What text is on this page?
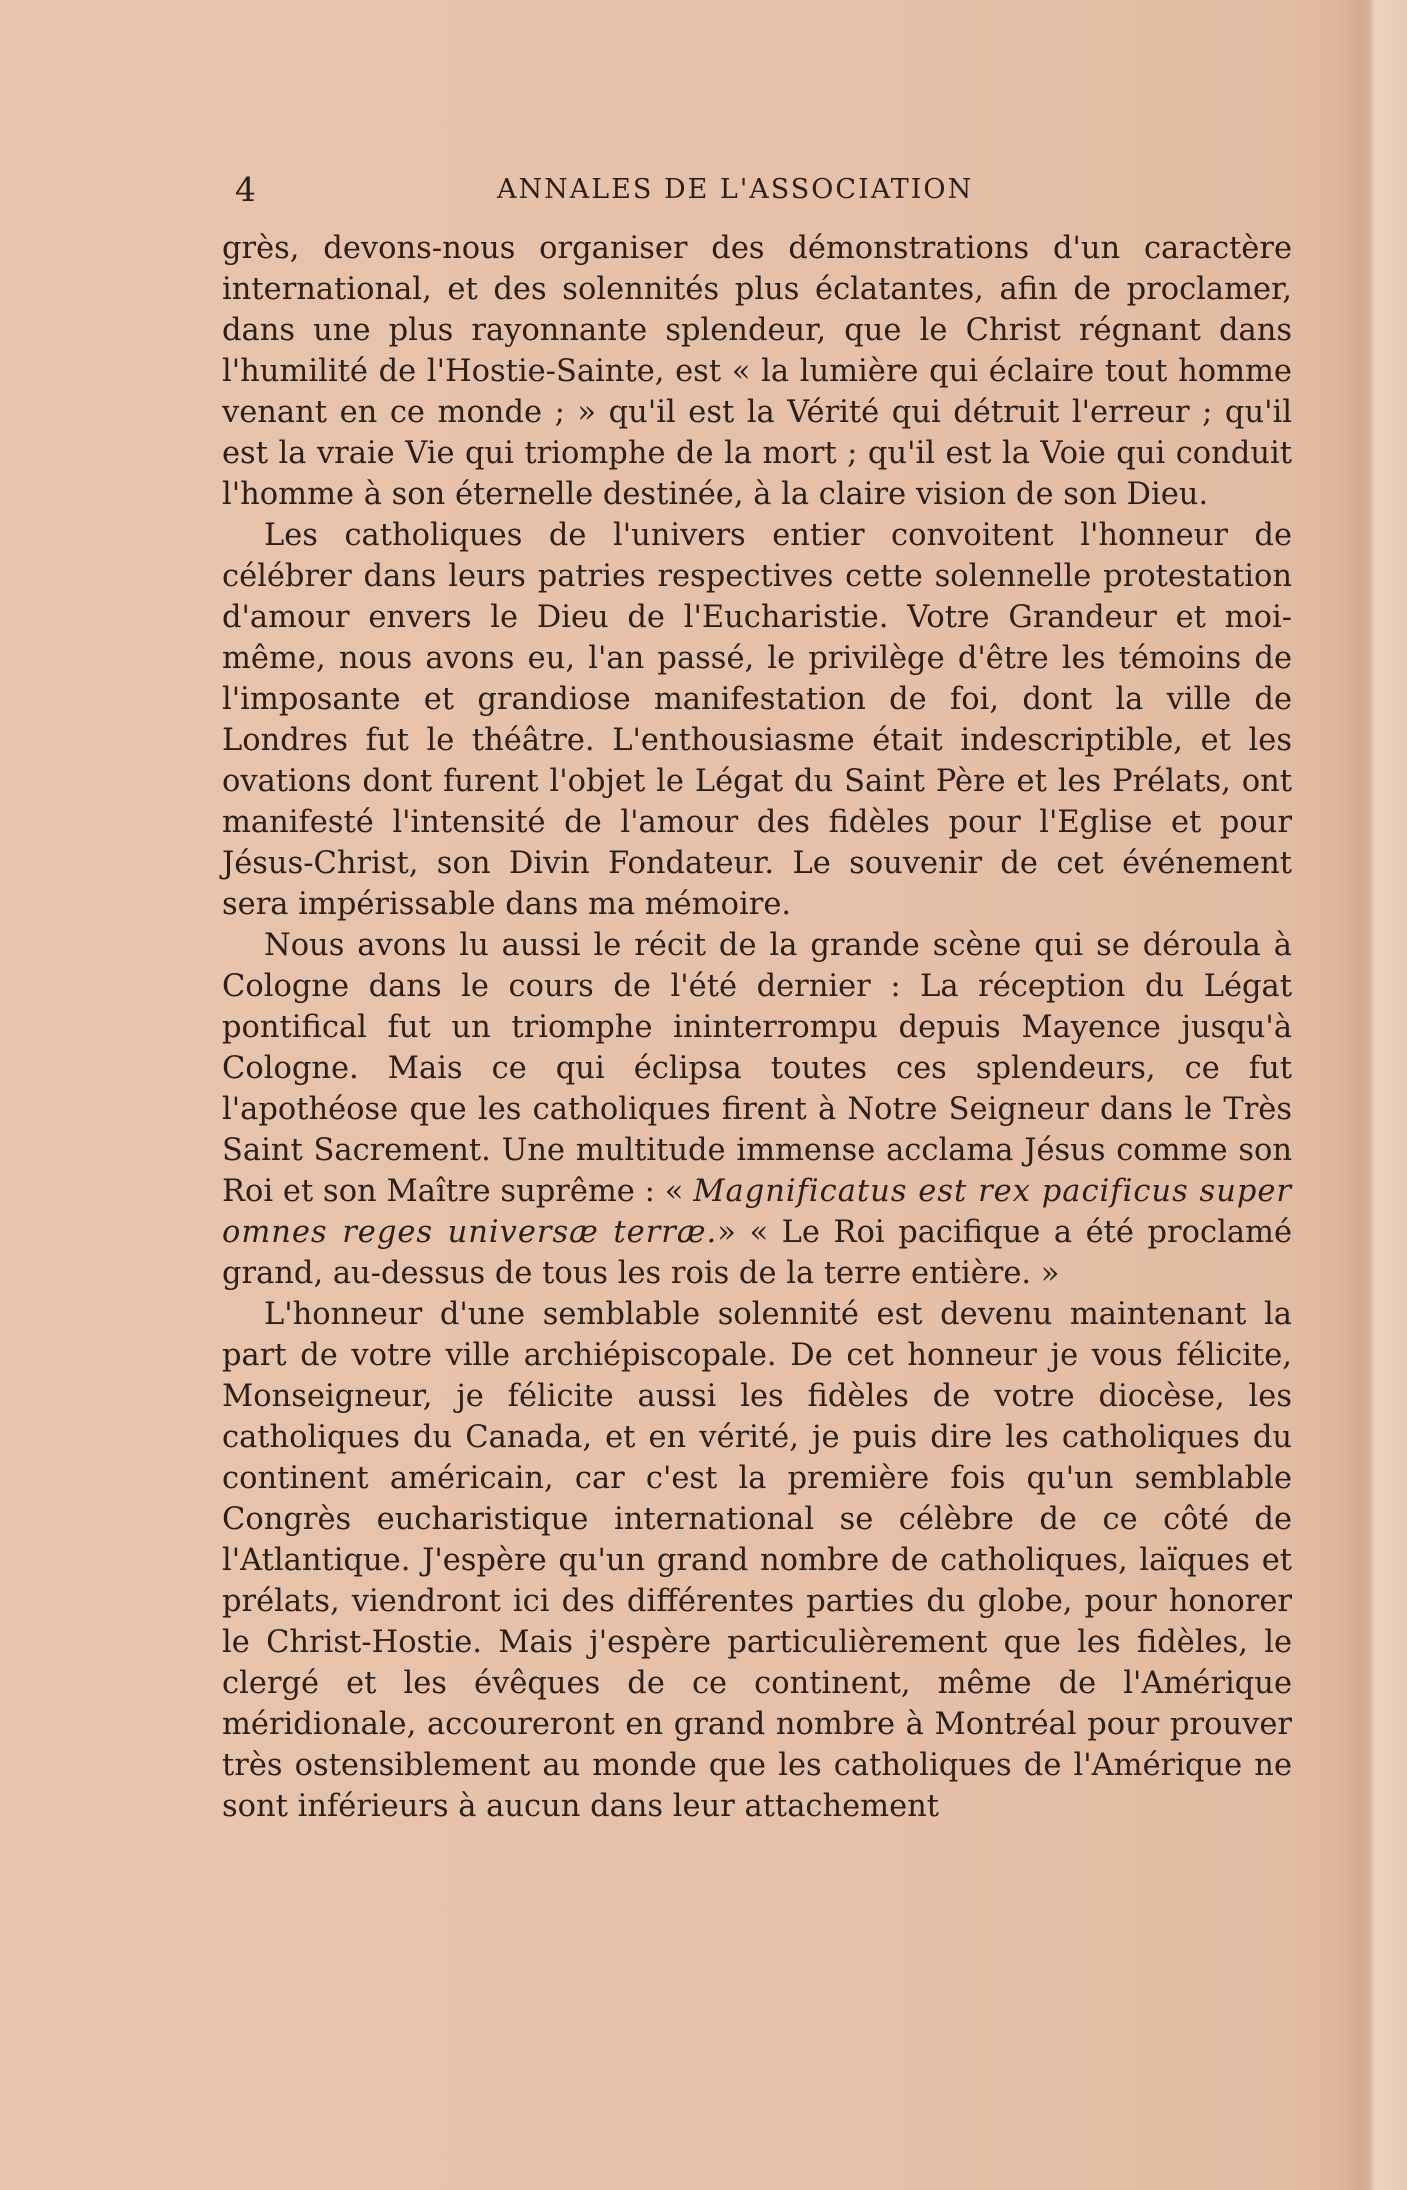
4	ANNALES DE L'ASSOCIATION

grès, devons-nous organiser des démonstrations d'un caractère international, et des solennités plus éclatantes, afin de proclamer, dans une plus rayonnante splendeur, que le Christ régnant dans l'humilité de l'Hostie-Sainte, est « la lumière qui éclaire tout homme venant en ce monde ; » qu'il est la Vérité qui détruit l'erreur ; qu'il est la vraie Vie qui triomphe de la mort ; qu'il est la Voie qui conduit l'homme à son éternelle destinée, à la claire vision de son Dieu.

Les catholiques de l'univers entier convoitent l'honneur de célébrer dans leurs patries respectives cette solennelle protestation d'amour envers le Dieu de l'Eucharistie. Votre Grandeur et moi-même, nous avons eu, l'an passé, le privilège d'être les témoins de l'imposante et grandiose manifestation de foi, dont la ville de Londres fut le théâtre. L'enthousiasme était indescriptible, et les ovations dont furent l'objet le Légat du Saint Père et les Prélats, ont manifesté l'intensité de l'amour des fidèles pour l'Eglise et pour Jésus-Christ, son Divin Fondateur. Le souvenir de cet événement sera impérissable dans ma mémoire.

Nous avons lu aussi le récit de la grande scène qui se déroula à Cologne dans le cours de l'été dernier : La réception du Légat pontifical fut un triomphe ininterrompu depuis Mayence jusqu'à Cologne. Mais ce qui éclipsa toutes ces splendeurs, ce fut l'apothéose que les catholiques firent à Notre Seigneur dans le Très Saint Sacrement. Une multitude immense acclama Jésus comme son Roi et son Maître suprême : « Magnificatus est rex pacificus super omnes reges universæ terræ.» « Le Roi pacifique a été proclamé grand, au-dessus de tous les rois de la terre entière. »

L'honneur d'une semblable solennité est devenu maintenant la part de votre ville archiépiscopale. De cet honneur je vous félicite, Monseigneur, je félicite aussi les fidèles de votre diocèse, les catholiques du Canada, et en vérité, je puis dire les catholiques du continent américain, car c'est la première fois qu'un semblable Congrès eucharistique international se célèbre de ce côté de l'Atlantique. J'espère qu'un grand nombre de catholiques, laïques et prélats, viendront ici des différentes parties du globe, pour honorer le Christ-Hostie. Mais j'espère particulièrement que les fidèles, le clergé et les évêques de ce continent, même de l'Amérique méridionale, accoureront en grand nombre à Montréal pour prouver très ostensiblement au monde que les catholiques de l'Amérique ne sont inférieurs à aucun dans leur attachement
